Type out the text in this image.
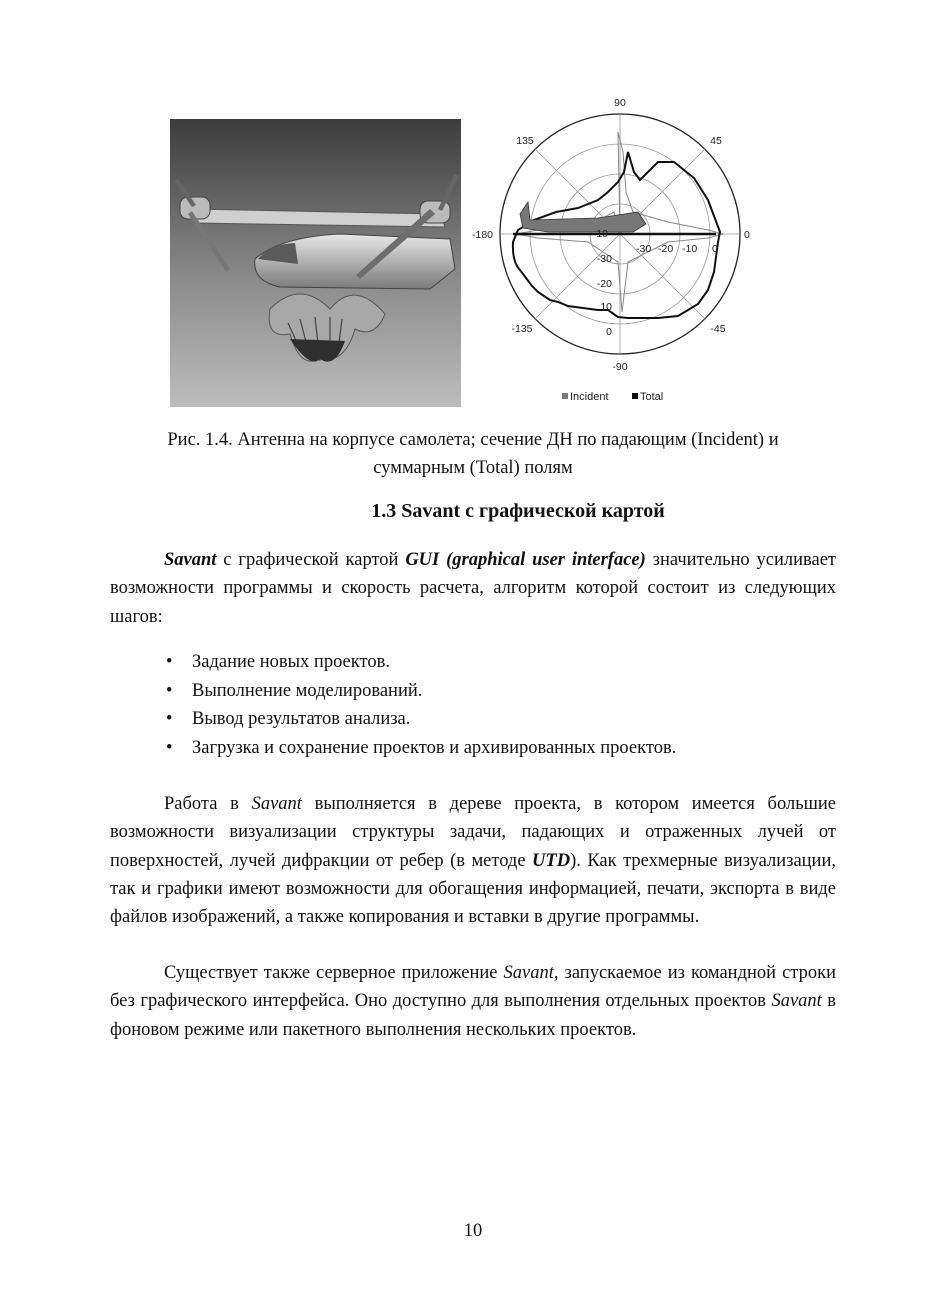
90
135	45
-180	0
-135	-45
-90
-30 -20 -10 0
10
-30
-20
10
0
Incident	Total
Рис. 1.4. Антенна на корпусе самолета; сечение ДН по падающим (Incident) и
суммарным (Total) полям
1.3 Savant с графической картой
Savant с графической картой GUI (graphical user interface) значительно усиливает возможности программы и скорость расчета, алгоритм которой состоит из следующих шагов:
• Задание новых проектов.
• Выполнение моделирований.
• Вывод результатов анализа.
• Загрузка и сохранение проектов и архивированных проектов.
Работа в Savant выполняется в дереве проекта, в котором имеется большие возможности визуализации структуры задачи, падающих и отраженных лучей от поверхностей, лучей дифракции от ребер (в методе UTD). Как трехмерные визуализации, так и графики имеют возможности для обогащения информацией, печати, экспорта в виде файлов изображений, а также копирования и вставки в другие программы.
Существует также серверное приложение Savant, запускаемое из командной строки без графического интерфейса. Оно доступно для выполнения отдельных проектов Savant в фоновом режиме или пакетного выполнения нескольких проектов.
10
